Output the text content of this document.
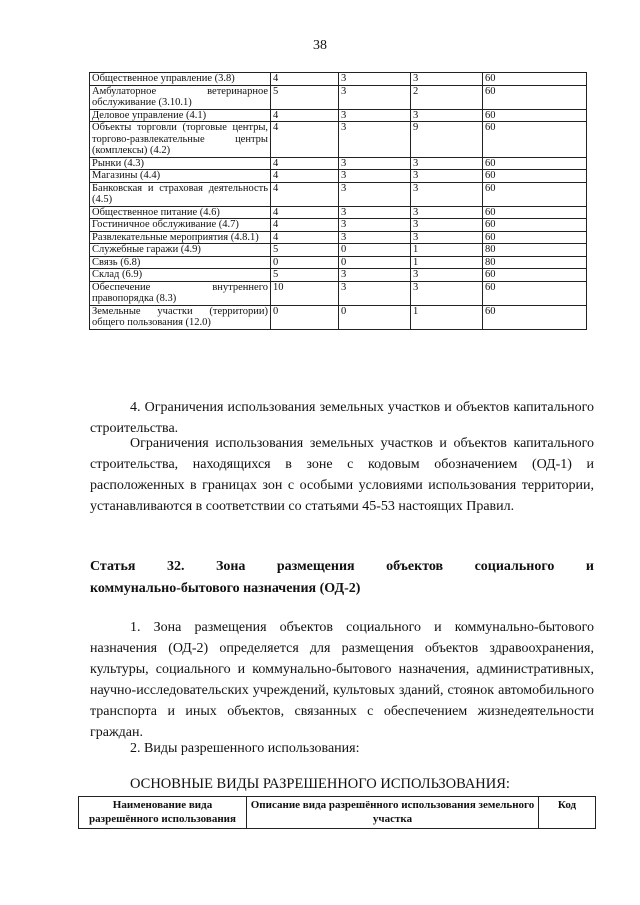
38
Общественное управление (3.8)	4	3	3	60
Амбулаторное ветеринарное обслуживание (3.10.1)	5	3	2	60
Деловое управление (4.1)	4	3	3	60
Объекты торговли (торговые центры, торгово-развлекательные центры (комплексы) (4.2)	4	3	9	60
Рынки (4.3)	4	3	3	60
Магазины (4.4)	4	3	3	60
Банковская и страховая деятельность (4.5)	4	3	3	60
Общественное питание (4.6)	4	3	3	60
Гостиничное обслуживание (4.7)	4	3	3	60
Развлекательные мероприятия (4.8.1)	4	3	3	60
Служебные гаражи (4.9)	5	0	1	80
Связь (6.8)	0	0	1	80
Склад (6.9)	5	3	3	60
Обеспечение внутреннего правопорядка (8.3)	10	3	3	60
Земельные участки (территории) общего пользования (12.0)	0	0	1	60

4. Ограничения использования земельных участков и объектов капитального строительства.

Ограничения использования земельных участков и объектов капитального строительства, находящихся в зоне с кодовым обозначением (ОД-1) и расположенных в границах зон с особыми условиями использования территории, устанавливаются в соответствии со статьями 45-53 настоящих Правил.

Статья 32. Зона размещения объектов социального и
коммунально-бытового назначения (ОД-2)

1. Зона размещения объектов социального и коммунально-бытового назначения (ОД-2) определяется для размещения объектов здравоохранения, культуры, социального и коммунально-бытового назначения, административных, научно-исследовательских учреждений, культовых зданий, стоянок автомобильного транспорта и иных объектов, связанных с обеспечением жизнедеятельности граждан.

2. Виды разрешенного использования:

ОСНОВНЫЕ ВИДЫ РАЗРЕШЕННОГО ИСПОЛЬЗОВАНИЯ:
Наименование вида разрешённого использования	Описание вида разрешённого использования земельного участка	Код
